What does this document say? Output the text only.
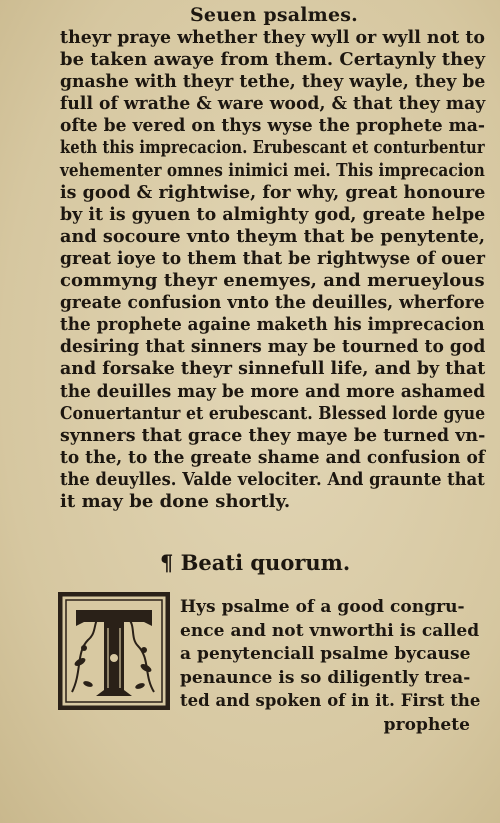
Seuen psalmes.
theyr praye whether they wyll or wyll not to
be taken awaye from them. Certaynly they
gnashe with theyr tethe, they wayle, they be
full of wrathe & ware wood, & that they may
ofte be vered on thys wyse the prophete ma-
keth this imprecacion. Erubescant et conturbentur
vehementer omnes inimici mei. This imprecacion
is good & rightwise, for why, great honoure
by it is gyuen to almighty god, greate helpe
and socoure vnto theym that be penytente,
great ioye to them that be rightwyse of ouer
commyng theyr enemyes, and merueylous
greate confusion vnto the deuilles, wherfore
the prophete againe maketh his imprecacion
desiring that sinners may be tourned to god
and forsake theyr sinnefull life, and by that
the deuilles may be more and more ashamed
Conuertantur et erubescant. Blessed lorde gyue
synners that grace they maye be turned vn-
to the, to the greate shame and confusion of
the deuylles. Valde velociter. And graunte that
it may be done shortly.
¶ Beati quorum.
Hys psalme of a good congru-
ence and not vnworthi is called
a penytenciall psalme bycause
penaunce is so diligently trea-
ted and spoken of in it. First the
prophete
